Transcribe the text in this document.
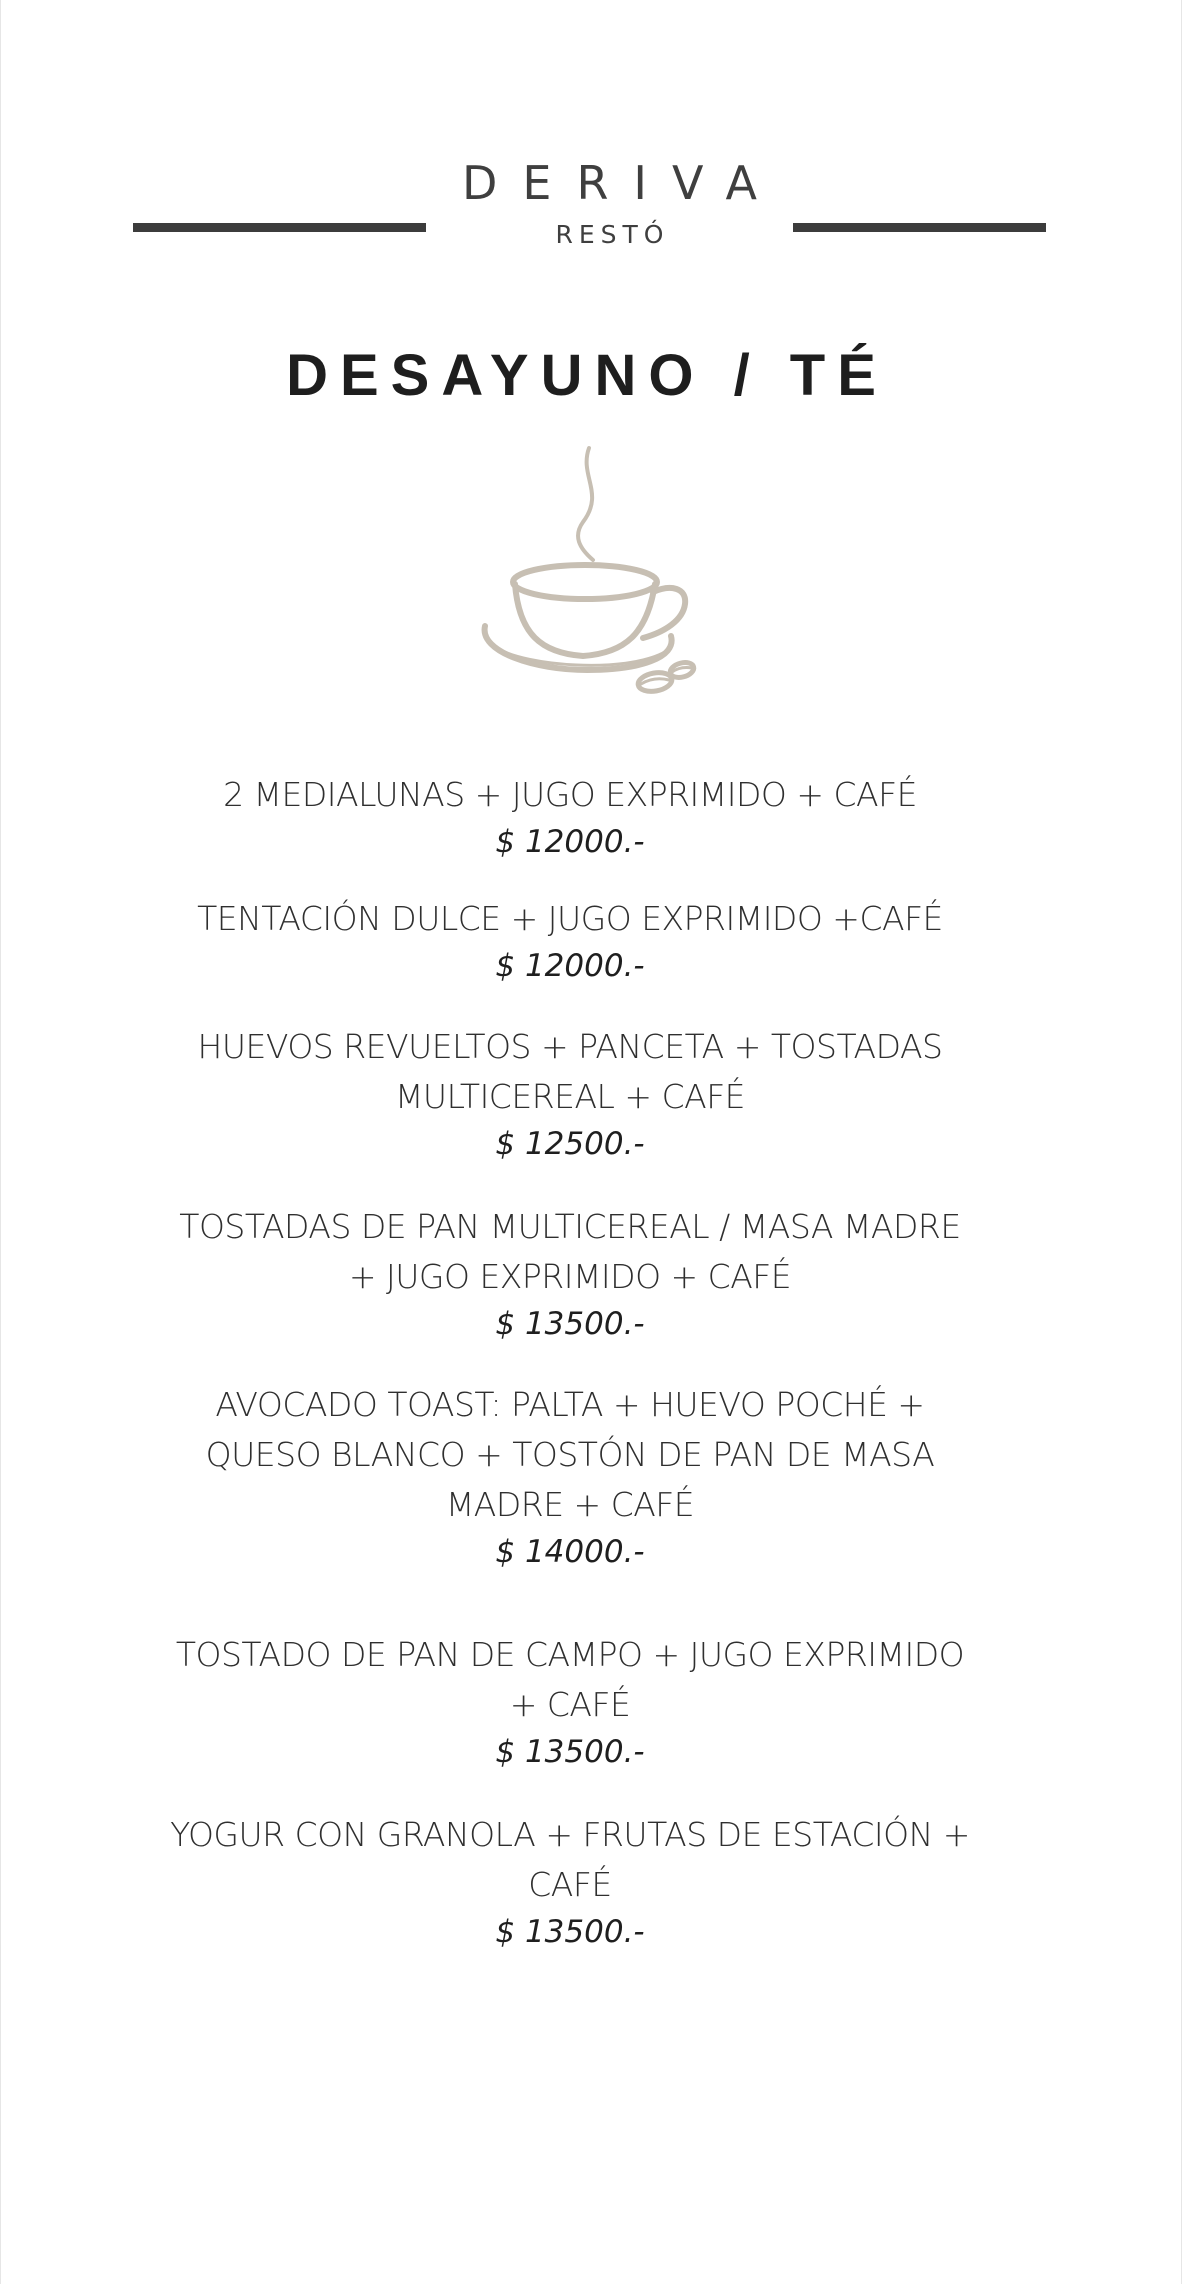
DERIVA
RESTÓ
DESAYUNO / TÉ
2 MEDIALUNAS + JUGO EXPRIMIDO + CAFÉ
$ 12000.-
TENTACIÓN DULCE + JUGO EXPRIMIDO +CAFÉ
$ 12000.-
HUEVOS REVUELTOS + PANCETA + TOSTADAS MULTICEREAL + CAFÉ
$ 12500.-
TOSTADAS DE PAN MULTICEREAL / MASA MADRE + JUGO EXPRIMIDO + CAFÉ
$ 13500.-
AVOCADO TOAST: PALTA + HUEVO POCHÉ + QUESO BLANCO + TOSTÓN DE PAN DE MASA MADRE + CAFÉ
$ 14000.-
TOSTADO DE PAN DE CAMPO + JUGO EXPRIMIDO + CAFÉ
$ 13500.-
YOGUR CON GRANOLA + FRUTAS DE ESTACIÓN + CAFÉ
$ 13500.-
